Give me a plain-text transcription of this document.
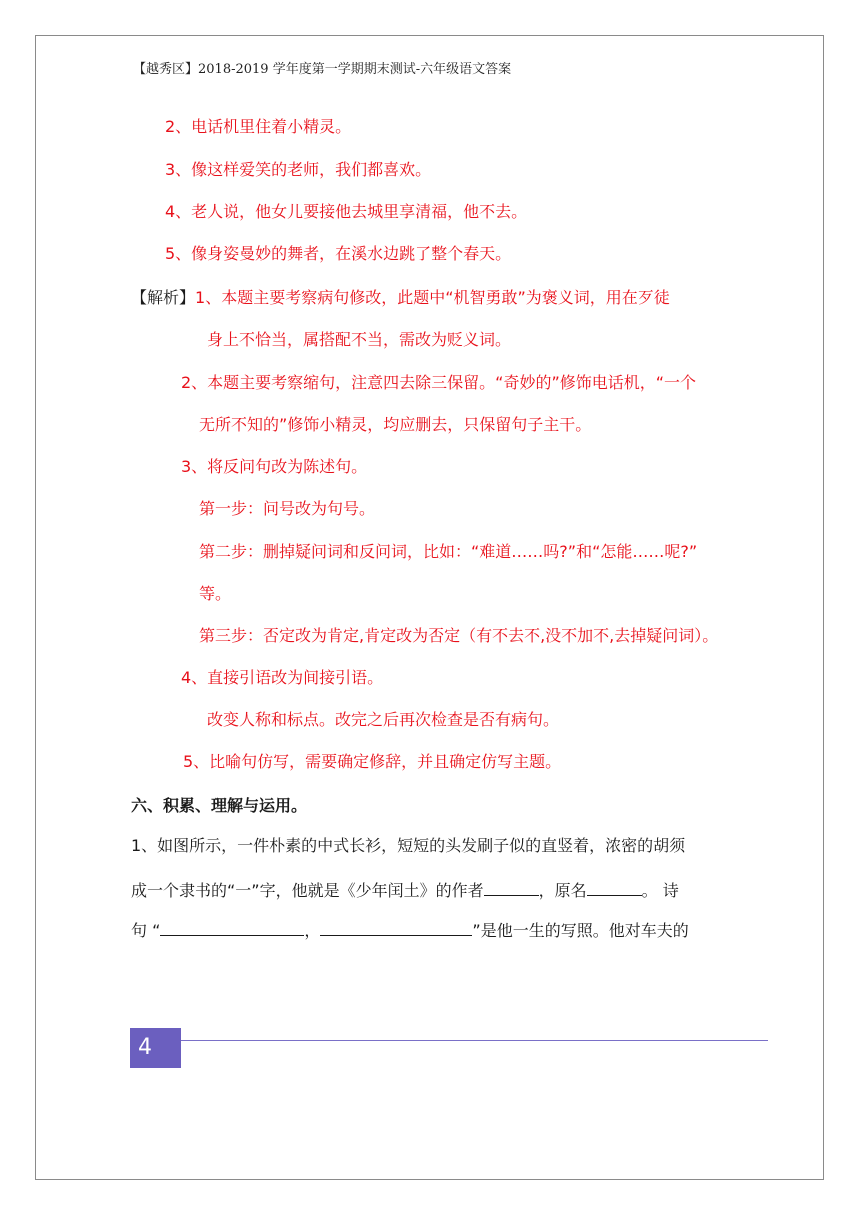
【越秀区】2018-2019 学年度第一学期期末测试-六年级语文答案
2、电话机里住着小精灵。
3、像这样爱笑的老师，我们都喜欢。
4、老人说，他女儿要接他去城里享清福，他不去。
5、像身姿曼妙的舞者，在溪水边跳了整个春天。
【解析】1、本题主要考察病句修改，此题中“机智勇敢”为褒义词，用在歹徒
身上不恰当，属搭配不当，需改为贬义词。
2、本题主要考察缩句，注意四去除三保留。“奇妙的”修饰电话机，“一个
无所不知的”修饰小精灵，均应删去，只保留句子主干。
3、将反问句改为陈述句。
第一步：问号改为句号。
第二步：删掉疑问词和反问词，比如：“难道……吗?”和“怎能……呢?”
等。
第三步：否定改为肯定,肯定改为否定（有不去不,没不加不,去掉疑问词）。
4、直接引语改为间接引语。
改变人称和标点。改完之后再次检查是否有病句。
5、比喻句仿写，需要确定修辞，并且确定仿写主题。
六、积累、理解与运用。
1、如图所示，一件朴素的中式长衫，短短的头发刷子似的直竖着，浓密的胡须
成一个隶书的“一”字，他就是《少年闰土》的作者	，原名	。 诗
句 “	，	”是他一生的写照。他对车夫的
4
